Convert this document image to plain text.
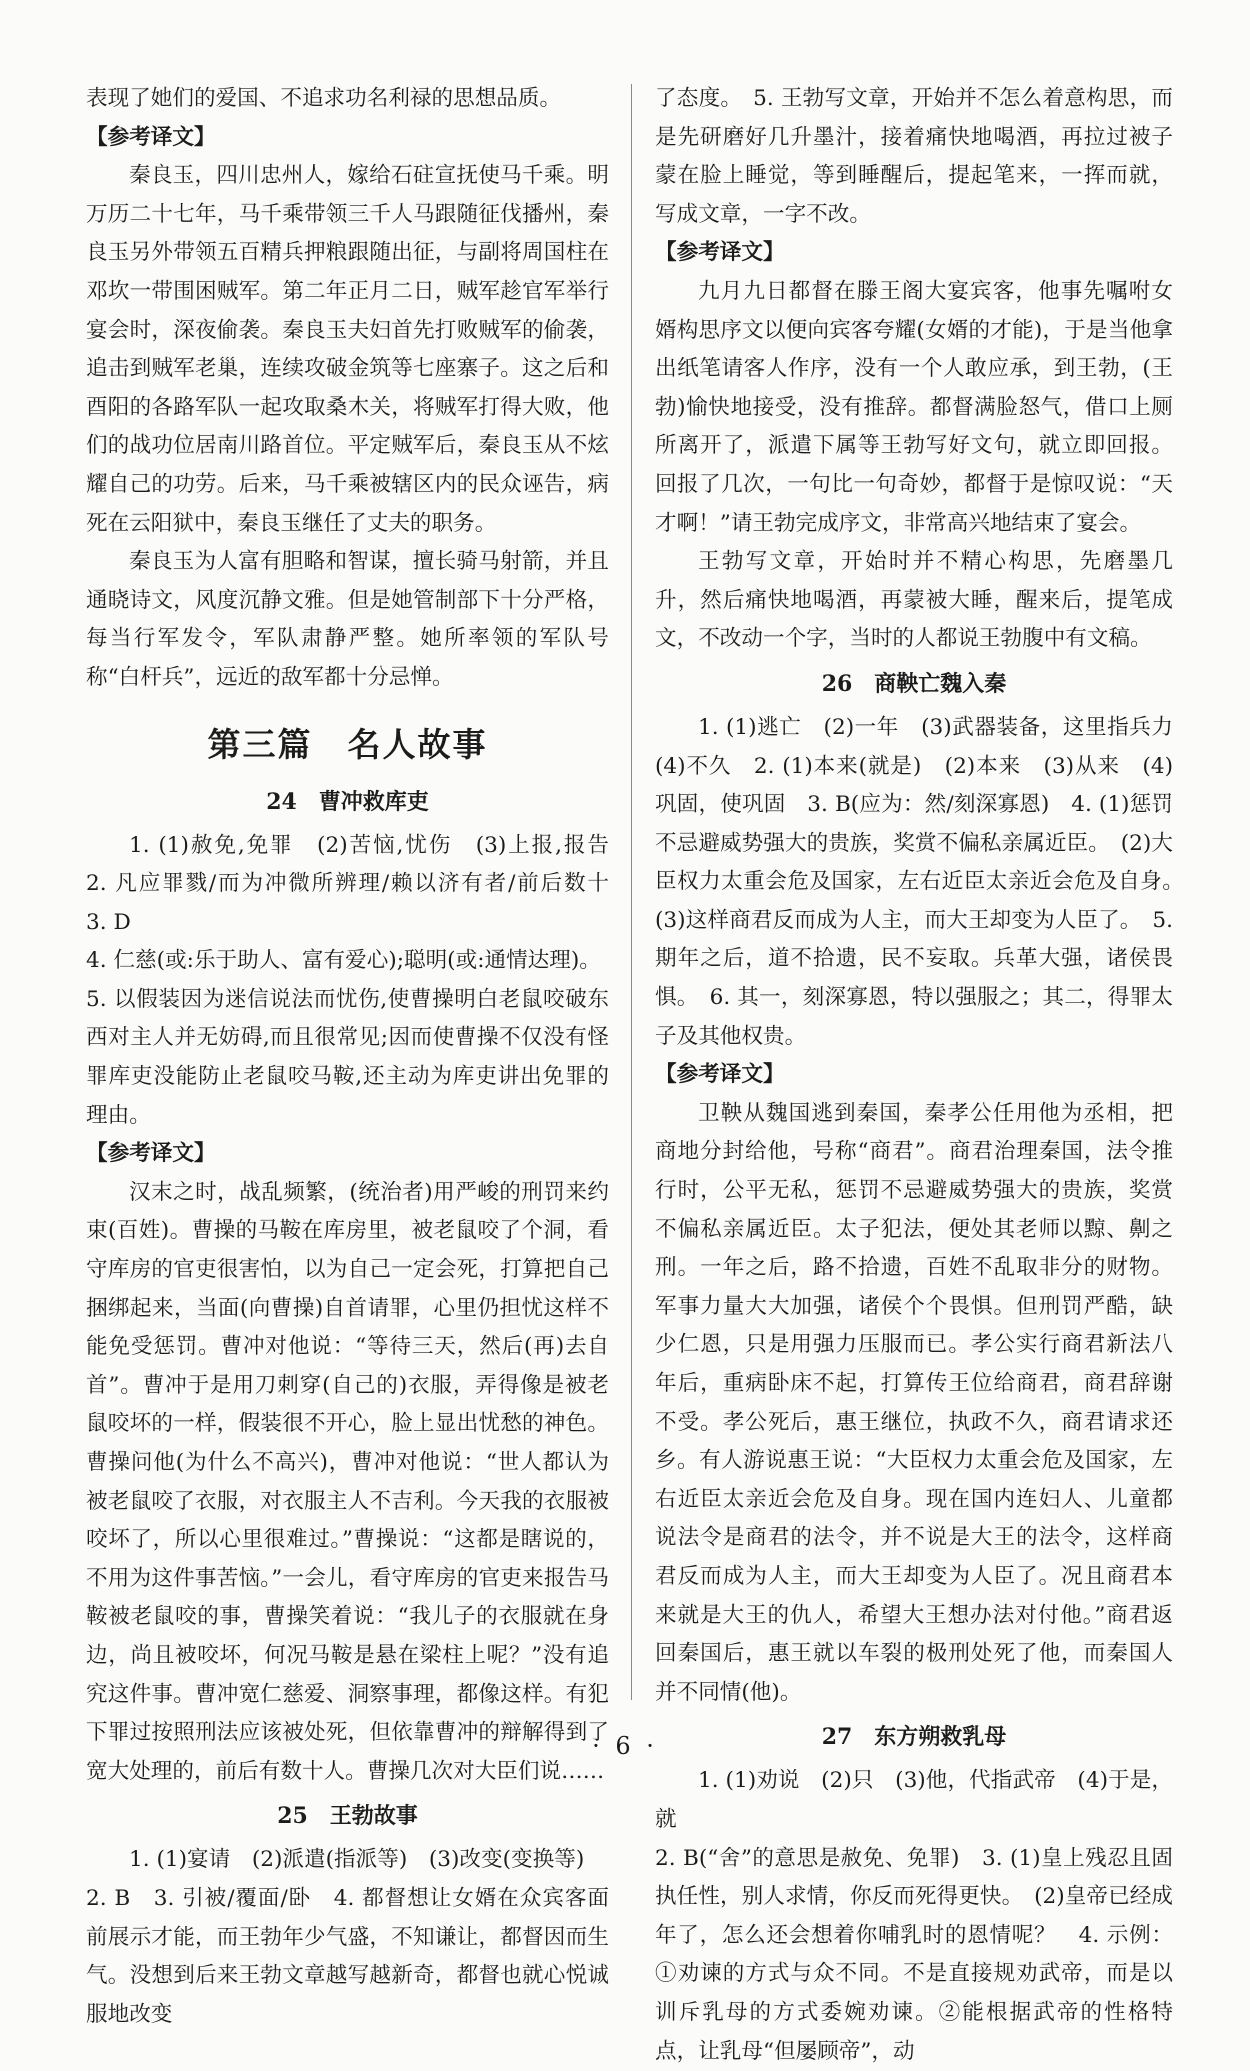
表现了她们的爱国、不追求功名利禄的思想品质。

【参考译文】

秦良玉，四川忠州人，嫁给石砫宣抚使马千乘。明万历二十七年，马千乘带领三千人马跟随征伐播州，秦良玉另外带领五百精兵押粮跟随出征，与副将周国柱在邓坎一带围困贼军。第二年正月二日，贼军趁官军举行宴会时，深夜偷袭。秦良玉夫妇首先打败贼军的偷袭，追击到贼军老巢，连续攻破金筑等七座寨子。这之后和酉阳的各路军队一起攻取桑木关，将贼军打得大败，他们的战功位居南川路首位。平定贼军后，秦良玉从不炫耀自己的功劳。后来，马千乘被辖区内的民众诬告，病死在云阳狱中，秦良玉继任了丈夫的职务。

秦良玉为人富有胆略和智谋，擅长骑马射箭，并且通晓诗文，风度沉静文雅。但是她管制部下十分严格，每当行军发令，军队肃静严整。她所率领的军队号称“白杆兵”，远近的敌军都十分忌惮。

第三篇　名人故事
24　曹冲救库吏

1. (1)赦免,免罪　(2)苦恼,忧伤　(3)上报,报告　2. 凡应罪戮/而为冲微所辨理/赖以济有者/前后数十　3. D

4. 仁慈(或:乐于助人、富有爱心);聪明(或:通情达理)。

5. 以假装因为迷信说法而忧伤,使曹操明白老鼠咬破东西对主人并无妨碍,而且很常见;因而使曹操不仅没有怪罪库吏没能防止老鼠咬马鞍,还主动为库吏讲出免罪的理由。

【参考译文】

汉末之时，战乱频繁，(统治者)用严峻的刑罚来约束(百姓)。曹操的马鞍在库房里，被老鼠咬了个洞，看守库房的官吏很害怕，以为自己一定会死，打算把自己捆绑起来，当面(向曹操)自首请罪，心里仍担忧这样不能免受惩罚。曹冲对他说：“等待三天，然后(再)去自首”。曹冲于是用刀刺穿(自己的)衣服，弄得像是被老鼠咬坏的一样，假装很不开心，脸上显出忧愁的神色。曹操问他(为什么不高兴)，曹冲对他说：“世人都认为被老鼠咬了衣服，对衣服主人不吉利。今天我的衣服被咬坏了，所以心里很难过。”曹操说：“这都是瞎说的，不用为这件事苦恼。”一会儿，看守库房的官吏来报告马鞍被老鼠咬的事，曹操笑着说：“我儿子的衣服就在身边，尚且被咬坏，何况马鞍是悬在梁柱上呢？”没有追究这件事。曹冲宽仁慈爱、洞察事理，都像这样。有犯下罪过按照刑法应该被处死，但依靠曹冲的辩解得到了宽大处理的，前后有数十人。曹操几次对大臣们说……

25　王勃故事

1. (1)宴请　(2)派遣(指派等)　(3)改变(变换等)

2. B　3. 引被/覆面/卧　4. 都督想让女婿在众宾客面前展示才能，而王勃年少气盛，不知谦让，都督因而生气。没想到后来王勃文章越写越新奇，都督也就心悦诚服地改变

了态度。　5. 王勃写文章，开始并不怎么着意构思，而是先研磨好几升墨汁，接着痛快地喝酒，再拉过被子蒙在脸上睡觉，等到睡醒后，提起笔来，一挥而就，写成文章，一字不改。

【参考译文】

九月九日都督在滕王阁大宴宾客，他事先嘱咐女婿构思序文以便向宾客夸耀(女婿的才能)，于是当他拿出纸笔请客人作序，没有一个人敢应承，到王勃，(王勃)愉快地接受，没有推辞。都督满脸怒气，借口上厕所离开了，派遣下属等王勃写好文句，就立即回报。回报了几次，一句比一句奇妙，都督于是惊叹说：“天才啊！”请王勃完成序文，非常高兴地结束了宴会。

王勃写文章，开始时并不精心构思，先磨墨几升，然后痛快地喝酒，再蒙被大睡，醒来后，提笔成文，不改动一个字，当时的人都说王勃腹中有文稿。

26　商鞅亡魏入秦

1. (1)逃亡　(2)一年　(3)武器装备，这里指兵力　(4)不久　2. (1)本来(就是)　(2)本来　(3)从来　(4)巩固，使巩固　3. B(应为：然/刻深寡恩)　4. (1)惩罚不忌避威势强大的贵族，奖赏不偏私亲属近臣。　(2)大臣权力太重会危及国家，左右近臣太亲近会危及自身。　(3)这样商君反而成为人主，而大王却变为人臣了。　5. 期年之后，道不拾遗，民不妄取。兵革大强，诸侯畏惧。　6. 其一，刻深寡恩，特以强服之；其二，得罪太子及其他权贵。

【参考译文】

卫鞅从魏国逃到秦国，秦孝公任用他为丞相，把商地分封给他，号称“商君”。商君治理秦国，法令推行时，公平无私，惩罚不忌避威势强大的贵族，奖赏不偏私亲属近臣。太子犯法，便处其老师以黥、劓之刑。一年之后，路不拾遗，百姓不乱取非分的财物。军事力量大大加强，诸侯个个畏惧。但刑罚严酷，缺少仁恩，只是用强力压服而已。孝公实行商君新法八年后，重病卧床不起，打算传王位给商君，商君辞谢不受。孝公死后，惠王继位，执政不久，商君请求还乡。有人游说惠王说：“大臣权力太重会危及国家，左右近臣太亲近会危及自身。现在国内连妇人、儿童都说法令是商君的法令，并不说是大王的法令，这样商君反而成为人主，而大王却变为人臣了。况且商君本来就是大王的仇人，希望大王想办法对付他。”商君返回秦国后，惠王就以车裂的极刑处死了他，而秦国人并不同情(他)。

27　东方朔救乳母

1. (1)劝说　(2)只　(3)他，代指武帝　(4)于是，就

2. B(“舍”的意思是赦免、免罪)　3. (1)皇上残忍且固执任性，别人求情，你反而死得更快。　(2)皇帝已经成年了，怎么还会想着你哺乳时的恩情呢？　4. 示例：①劝谏的方式与众不同。不是直接规劝武帝，而是以训斥乳母的方式委婉劝谏。②能根据武帝的性格特点，让乳母“但屡顾帝”，动

· 6 ·
